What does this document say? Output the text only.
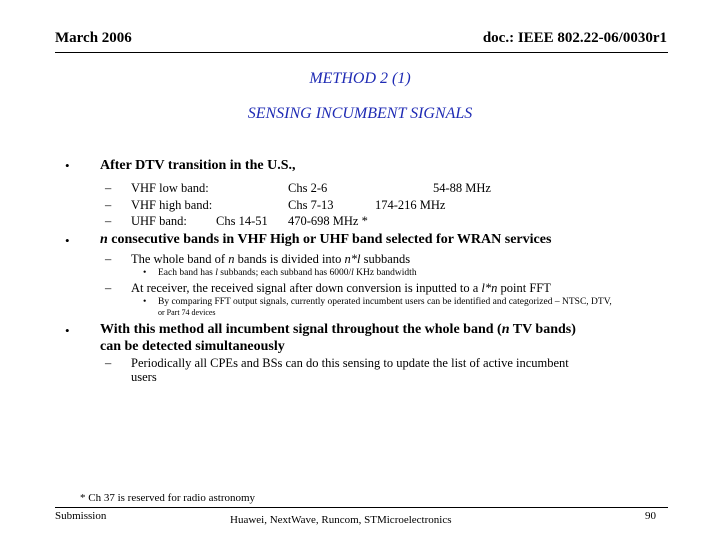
March 2006	doc.: IEEE 802.22-06/0030r1
METHOD 2 (1)
SENSING INCUMBENT SIGNALS
• After DTV transition in the U.S.,
– VHF low band:	Chs 2-6	54-88 MHz
– VHF high band:	Chs 7-13	174-216 MHz
– UHF band: Chs 14-51 470-698 MHz *
• n consecutive bands in VHF High or UHF band selected for WRAN services
– The whole band of n bands is divided into n*l subbands
• Each band has l subbands; each subband has 6000/l KHz bandwidth
– At receiver, the received signal after down conversion is inputted to a l*n point FFT
• By comparing FFT output signals, currently operated incumbent users can be identified and categorized – NTSC, DTV,
or Part 74 devices
• With this method all incumbent signal throughout the whole band (n TV bands)
can be detected simultaneously
– Periodically all CPEs and BSs can do this sensing to update the list of active incumbent
users
* Ch 37 is reserved for radio astronomy
Submission	Huawei, NextWave, Runcom, STMicroelectronics	90
